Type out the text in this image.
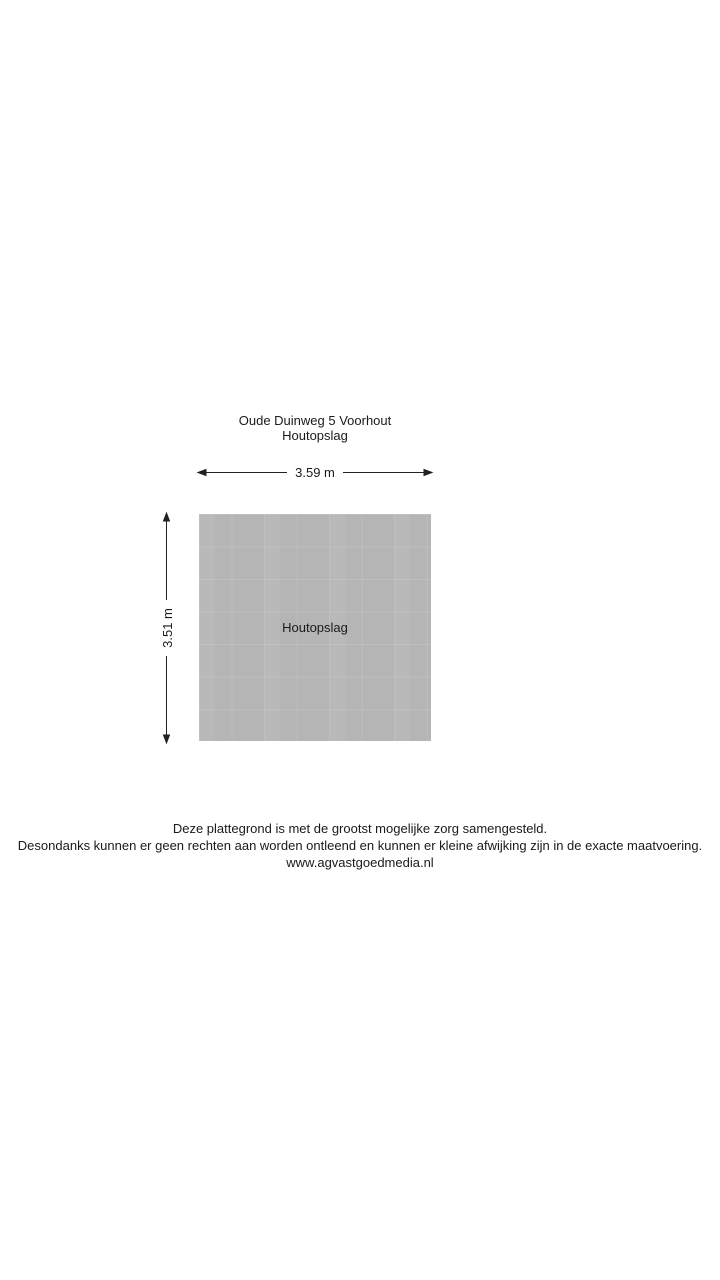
Oude Duinweg 5 Voorhout
Houtopslag
3.59 m
3.51 m	Houtopslag
Deze plattegrond is met de grootst mogelijke zorg samengesteld.
Desondanks kunnen er geen rechten aan worden ontleend en kunnen er kleine afwijking zijn in de exacte maatvoering.
www.agvastgoedmedia.nl
